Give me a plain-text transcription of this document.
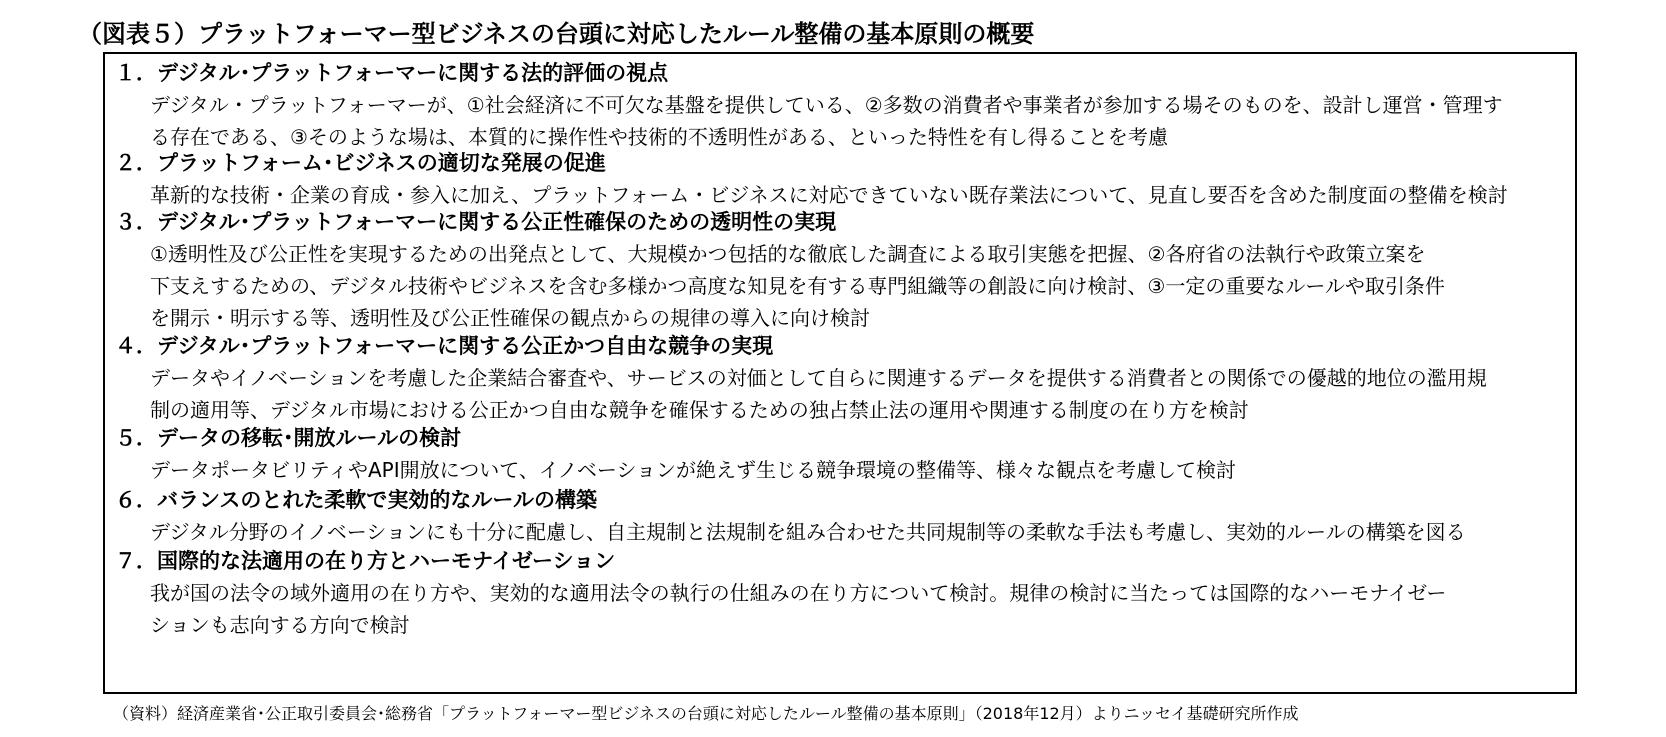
（図表５）プラットフォーマー型ビジネスの台頭に対応したルール整備の基本原則の概要
１．デジタル･プラットフォーマーに関する法的評価の視点
デジタル・プラットフォーマーが、①社会経済に不可欠な基盤を提供している、②多数の消費者や事業者が参加する場そのものを、設計し運営・管理す
る存在である、③そのような場は、本質的に操作性や技術的不透明性がある、といった特性を有し得ることを考慮
２．プラットフォーム･ビジネスの適切な発展の促進
革新的な技術・企業の育成・参入に加え、プラットフォーム・ビジネスに対応できていない既存業法について、見直し要否を含めた制度面の整備を検討
３．デジタル･プラットフォーマーに関する公正性確保のための透明性の実現
①透明性及び公正性を実現するための出発点として、大規模かつ包括的な徹底した調査による取引実態を把握、②各府省の法執行や政策立案を
下支えするための、デジタル技術やビジネスを含む多様かつ高度な知見を有する専門組織等の創設に向け検討、③一定の重要なルールや取引条件
を開示・明示する等、透明性及び公正性確保の観点からの規律の導入に向け検討
４．デジタル･プラットフォーマーに関する公正かつ自由な競争の実現
データやイノベーションを考慮した企業結合審査や、サービスの対価として自らに関連するデータを提供する消費者との関係での優越的地位の濫用規
制の適用等、デジタル市場における公正かつ自由な競争を確保するための独占禁止法の運用や関連する制度の在り方を検討
５．データの移転･開放ルールの検討
データポータビリティやAPI開放について、イノベーションが絶えず生じる競争環境の整備等、様々な観点を考慮して検討
６．バランスのとれた柔軟で実効的なルールの構築
デジタル分野のイノベーションにも十分に配慮し、自主規制と法規制を組み合わせた共同規制等の柔軟な手法も考慮し、実効的ルールの構築を図る
７．国際的な法適用の在り方とハーモナイゼーション
我が国の法令の域外適用の在り方や、実効的な適用法令の執行の仕組みの在り方について検討。規律の検討に当たっては国際的なハーモナイゼー
ションも志向する方向で検討
（資料）経済産業省･公正取引委員会･総務省「プラットフォーマー型ビジネスの台頭に対応したルール整備の基本原則」（2018年12月）よりニッセイ基礎研究所作成
